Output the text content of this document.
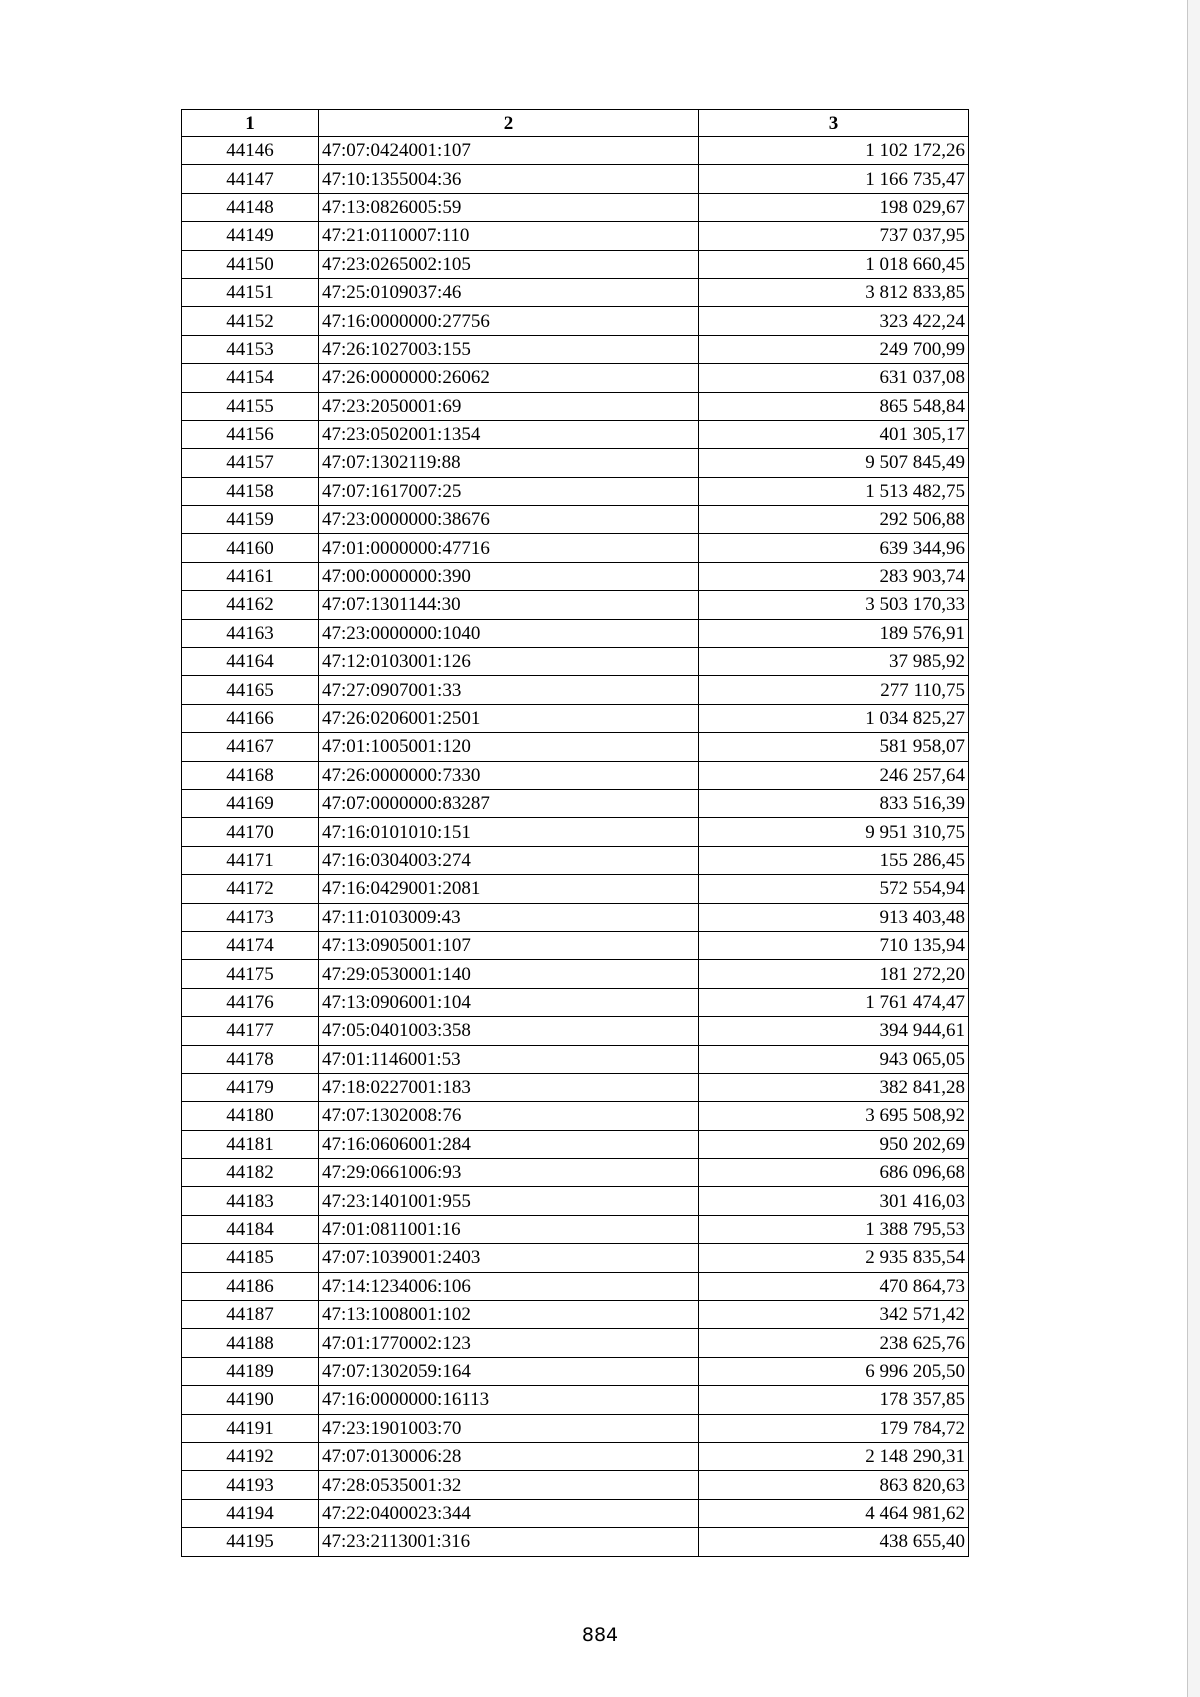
1	2	3
44146	47:07:0424001:107	1 102 172,26
44147	47:10:1355004:36	1 166 735,47
44148	47:13:0826005:59	198 029,67
44149	47:21:0110007:110	737 037,95
44150	47:23:0265002:105	1 018 660,45
44151	47:25:0109037:46	3 812 833,85
44152	47:16:0000000:27756	323 422,24
44153	47:26:1027003:155	249 700,99
44154	47:26:0000000:26062	631 037,08
44155	47:23:2050001:69	865 548,84
44156	47:23:0502001:1354	401 305,17
44157	47:07:1302119:88	9 507 845,49
44158	47:07:1617007:25	1 513 482,75
44159	47:23:0000000:38676	292 506,88
44160	47:01:0000000:47716	639 344,96
44161	47:00:0000000:390	283 903,74
44162	47:07:1301144:30	3 503 170,33
44163	47:23:0000000:1040	189 576,91
44164	47:12:0103001:126	37 985,92
44165	47:27:0907001:33	277 110,75
44166	47:26:0206001:2501	1 034 825,27
44167	47:01:1005001:120	581 958,07
44168	47:26:0000000:7330	246 257,64
44169	47:07:0000000:83287	833 516,39
44170	47:16:0101010:151	9 951 310,75
44171	47:16:0304003:274	155 286,45
44172	47:16:0429001:2081	572 554,94
44173	47:11:0103009:43	913 403,48
44174	47:13:0905001:107	710 135,94
44175	47:29:0530001:140	181 272,20
44176	47:13:0906001:104	1 761 474,47
44177	47:05:0401003:358	394 944,61
44178	47:01:1146001:53	943 065,05
44179	47:18:0227001:183	382 841,28
44180	47:07:1302008:76	3 695 508,92
44181	47:16:0606001:284	950 202,69
44182	47:29:0661006:93	686 096,68
44183	47:23:1401001:955	301 416,03
44184	47:01:0811001:16	1 388 795,53
44185	47:07:1039001:2403	2 935 835,54
44186	47:14:1234006:106	470 864,73
44187	47:13:1008001:102	342 571,42
44188	47:01:1770002:123	238 625,76
44189	47:07:1302059:164	6 996 205,50
44190	47:16:0000000:16113	178 357,85
44191	47:23:1901003:70	179 784,72
44192	47:07:0130006:28	2 148 290,31
44193	47:28:0535001:32	863 820,63
44194	47:22:0400023:344	4 464 981,62
44195	47:23:2113001:316	438 655,40
884
